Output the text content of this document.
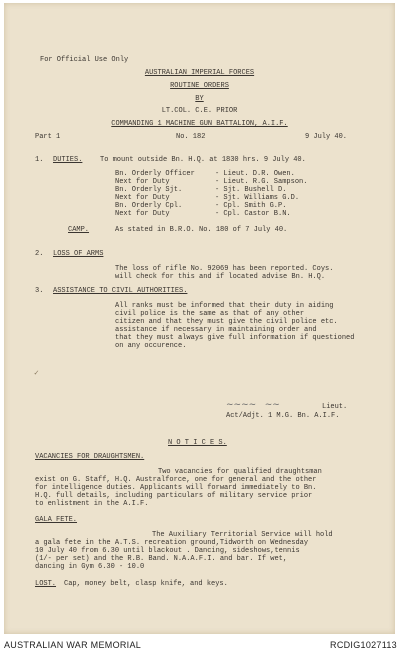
For Official Use Only
AUSTRALIAN IMPERIAL FORCES
ROUTINE ORDERS
BY
LT.COL. C.E. PRIOR
COMMANDING 1 MACHINE GUN BATTALION, A.I.F.
Part 1	No. 182	9 July 40.
1. DUTIES.	To mount outside Bn. H.Q. at 1830 hrs. 9 July 40.
Bn. Orderly Officer	- Lieut. D.R. Owen.
Next for Duty	- Lieut. R.G. Sampson.
Bn. Orderly Sjt.	- Sjt. Bushell D.
Next for Duty	- Sjt. Williams G.D.
Bn. Orderly Cpl.	- Cpl. Smith G.P.
Next for Duty	- Cpl. Castor B.N.
CAMP.	As stated in B.R.O. No. 180 of 7 July 40.
2. LOSS OF ARMS
The loss of rifle No. 92069 has been reported. Coys.
will check for this and if located advise Bn. H.Q.
3. ASSISTANCE TO CIVIL AUTHORITIES.
All ranks must be informed that their duty in aiding
civil police is the same as that of any other
citizen and that they must give the civil police etc.
assistance if necessary in maintaining order and
that they must always give full information if questioned
on any occurence.
✓
~~~~   ~~	Lieut.
Act/Adjt. 1 M.G. Bn. A.I.F.
N O T I C E S.
VACANCIES FOR DRAUGHTSMEN.
Two vacancies for qualified draughtsman
exist on G. Staff, H.Q. Australforce, one for general and the other
for intelligence duties. Applicants will forward immediately to Bn.
H.Q. full details, including particulars of military service prior
to enlistment in the A.I.F.
GALA FETE.
The Auxiliary Territorial Service will hold
a gala fete in the A.T.S. recreation ground,Tidworth on Wednesday
10 July 40 from 6.30 until blackout . Dancing, sideshows,tennis
(1/- per set) and the R.B. Band. N.A.A.F.I. and bar. If wet,
dancing in Gym 6.30 - 10.0
LOST. Cap, money belt, clasp knife, and keys.
AUSTRALIAN WAR MEMORIAL	RCDIG1027113
